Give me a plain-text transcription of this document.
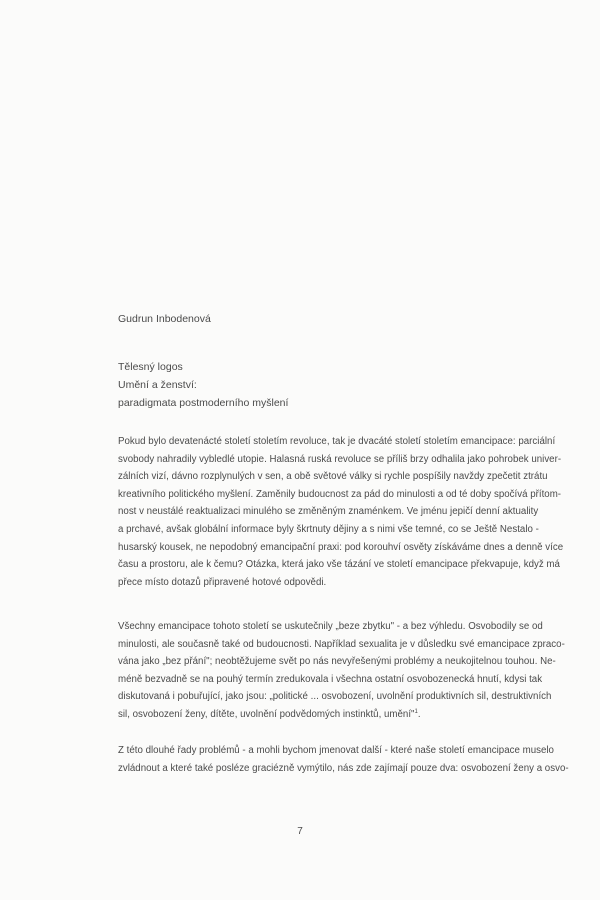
Gudrun Inbodenová
Tělesný logos
Umění a ženství:
paradigmata postmoderního myšlení
Pokud bylo devatenácté století stoletím revoluce, tak je dvacáté století stoletím emancipace: parciální
svobody nahradily vybledlé utopie. Halasná ruská revoluce se příliš brzy odhalila jako pohrobek univer-
zálních vizí, dávno rozplynulých v sen, a obě světové války si rychle pospíšily navždy zpečetit ztrátu
kreativního politického myšlení. Zaměnily budoucnost za pád do minulosti a od té doby spočívá přítom-
nost v neustálé reaktualizaci minulého se změněným znaménkem. Ve jménu jepičí denní aktuality
a prchavé, avšak globální informace byly škrtnuty dějiny a s nimi vše temné, co se Ještě Nestalo -
husarský kousek, ne nepodobný emancipační praxi: pod korouhví osvěty získáváme dnes a denně více
času a prostoru, ale k čemu? Otázka, která jako vše tázání ve století emancipace překvapuje, když má
přece místo dotazů připravené hotové odpovědi.
Všechny emancipace tohoto století se uskutečnily „beze zbytku" - a bez výhledu. Osvobodily se od
minulosti, ale současně také od budoucnosti. Například sexualita je v důsledku své emancipace zpraco-
vána jako „bez přání"; neobtěžujeme svět po nás nevyřešenými problémy a neukojitelnou touhou. Ne-
méně bezvadně se na pouhý termín zredukovala i všechna ostatní osvobozenecká hnutí, kdysi tak
diskutovaná i pobuřující, jako jsou: „politické ... osvobození, uvolnění produktivních sil, destruktivních
sil, osvobození ženy, dítěte, uvolnění podvědomých instinktů, umění"$^1$.
Z této dlouhé řady problémů - a mohli bychom jmenovat další - které naše století emancipace muselo
zvládnout a které také posléze graciézně vymýtilo, nás zde zajímají pouze dva: osvobození ženy a osvo-
7
